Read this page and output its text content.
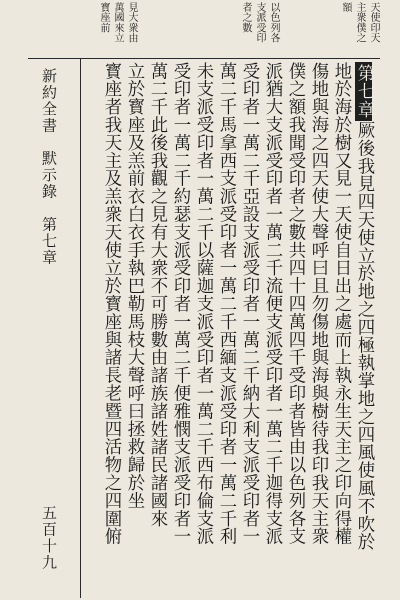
天使印天
主衆僕之
額
以色列各
支派受印
者之數
見大衆由
萬國來立
寳座前
第七章厥後我見四天使立於地之四極執掌地之四風使風不吹於
地於海於樹又見一天使自日出之處而上執永生天主之印向得權
傷地與海之四天使大聲呼曰且勿傷地與海與樹待我印我天主衆
僕之額我聞受印者之數共四十四萬四千受印者皆由以色列各支
派猶大支派受印者一萬二千流便支派受印者一萬二千迦得支派
受印者一萬二千亞設支派受印者一萬二千納大利支派受印者一
萬二千馬拿西支派受印者一萬二千西緬支派受印者一萬二千利
未支派受印者一萬二千以薩迦支派受印者一萬二千西布倫支派
受印者一萬二千約瑟支派受印者一萬二千便雅憫支派受印者一
萬二千此後我觀之見有大衆不可勝數由諸族諸姓諸民諸國來
立於寳座及羔前衣白衣手執巴勒馬枝大聲呼曰拯救歸於坐
寳座者我天主及羔衆天使立於寳座與諸長老暨四活物之四圍俯
新約全書　默示錄　第七章
五百十九
